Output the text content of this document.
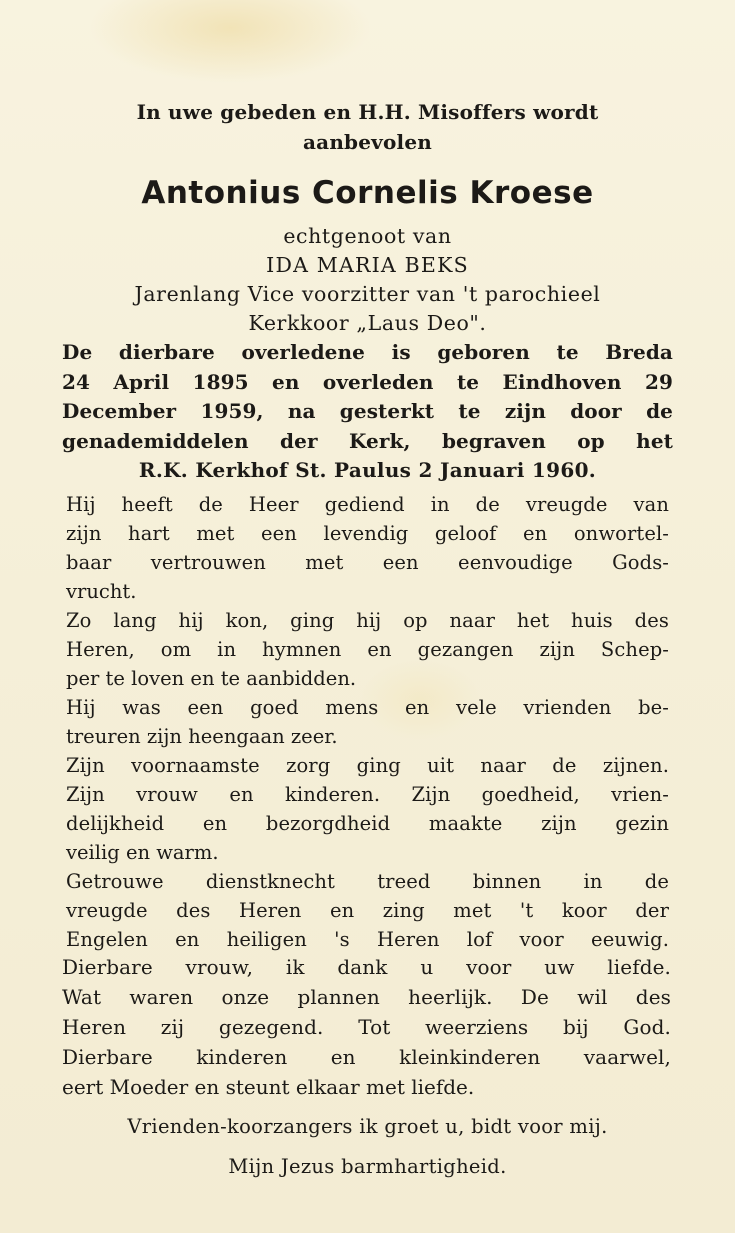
In uwe gebeden en H.H. Misoffers wordt
aanbevolen
Antonius Cornelis Kroese
echtgenoot van
IDA MARIA BEKS
Jarenlang Vice voorzitter van 't parochieel
Kerkkoor „Laus Deo".
De dierbare overledene is geboren te Breda
24 April 1895 en overleden te Eindhoven 29
December 1959, na gesterkt te zijn door de
genademiddelen der Kerk, begraven op het
R.K. Kerkhof St. Paulus 2 Januari 1960.
Hij heeft de Heer gediend in de vreugde van
zijn hart met een levendig geloof en onwortel-
baar vertrouwen met een eenvoudige Gods-
vrucht.
Zo lang hij kon, ging hij op naar het huis des
Heren, om in hymnen en gezangen zijn Schep-
per te loven en te aanbidden.
Hij was een goed mens en vele vrienden be-
treuren zijn heengaan zeer.
Zijn voornaamste zorg ging uit naar de zijnen.
Zijn vrouw en kinderen. Zijn goedheid, vrien-
delijkheid en bezorgdheid maakte zijn gezin
veilig en warm.
Getrouwe dienstknecht treed binnen in de
vreugde des Heren en zing met 't koor der
Engelen en heiligen 's Heren lof voor eeuwig.
Dierbare vrouw, ik dank u voor uw liefde.
Wat waren onze plannen heerlijk. De wil des
Heren zij gezegend. Tot weerziens bij God.
Dierbare kinderen en kleinkinderen vaarwel,
eert Moeder en steunt elkaar met liefde.
Vrienden-koorzangers ik groet u, bidt voor mij.
Mijn Jezus barmhartigheid.
